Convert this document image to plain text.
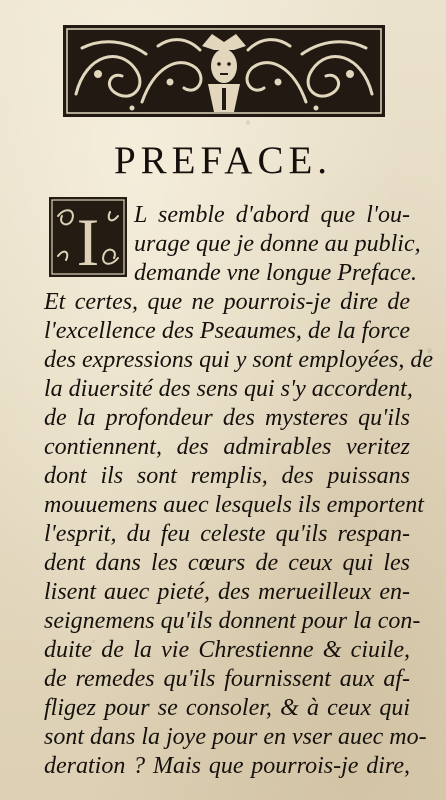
PREFACE.
I L semble d'abord que l'ou-

urage que je donne au public,

demande vne longue Preface.

Et certes, que ne pourrois-je dire de

l'excellence des Pseaumes, de la force

des expressions qui y sont employées, de

la diuersité des sens qui s'y accordent,

de la profondeur des mysteres qu'ils

contiennent, des admirables veritez

dont ils sont remplis, des puissans

mouuemens auec lesquels ils emportent

l'esprit, du feu celeste qu'ils respan-

dent dans les cœurs de ceux qui les

lisent auec pieté, des merueilleux en-

seignemens qu'ils donnent pour la con-

duite de la vie Chrestienne & ciuile,

de remedes qu'ils fournissent aux af-

fligez pour se consoler, & à ceux qui

sont dans la joye pour en vser auec mo-

deration ? Mais que pourrois-je dire,
